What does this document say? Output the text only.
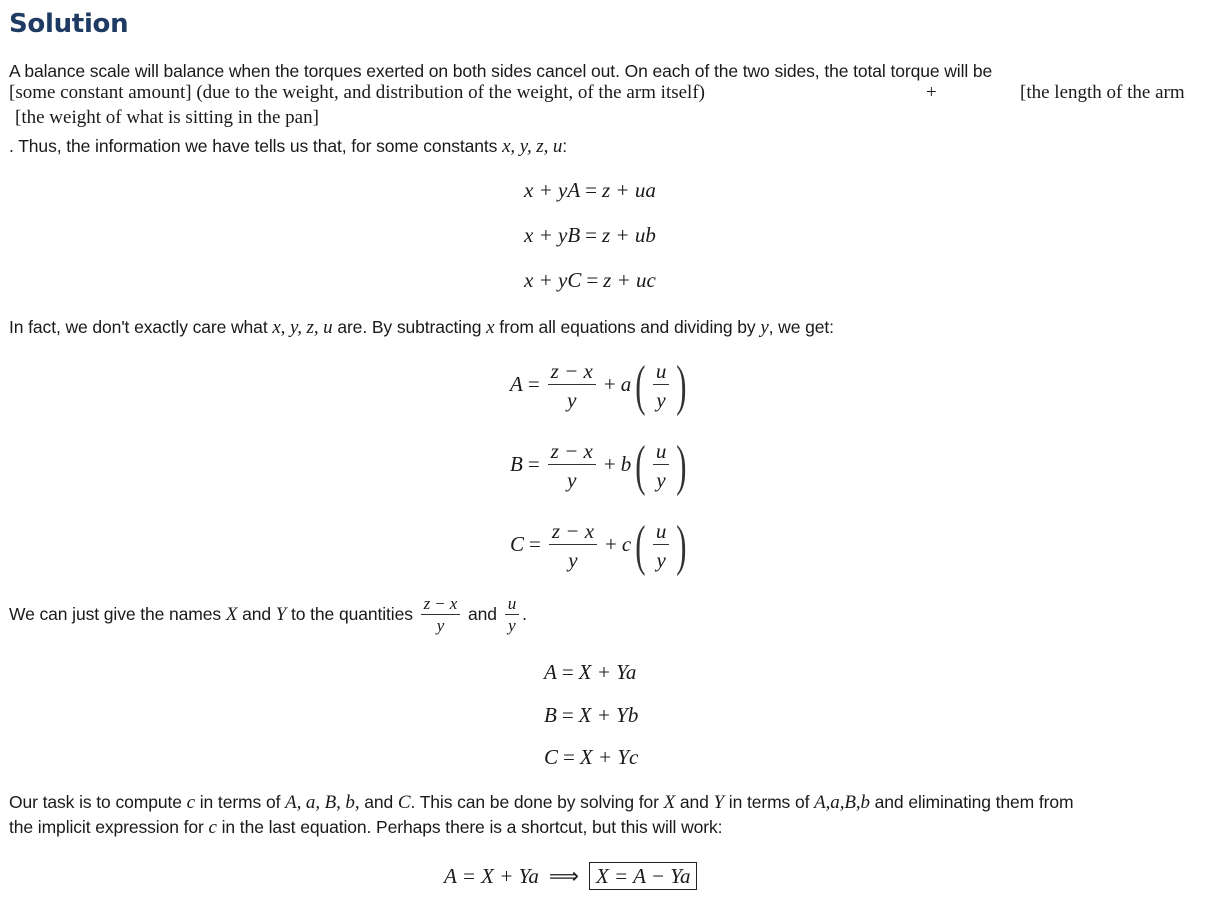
Solution
A balance scale will balance when the torques exerted on both sides cancel out. On each of the two sides, the total torque will be
[some constant amount] (due to the weight, and distribution of the weight, of the arm itself)	+	[the length of the arm
[the weight of what is sitting in the pan]
. Thus, the information we have tells us that, for some constants x, y, z, u:
x + yA = z + ua
x + yB = z + ub
x + yC = z + uc
In fact, we don't exactly care what x, y, z, u are. By subtracting x from all equations and dividing by y, we get:
$A = \frac{z - x}{y} + a( \frac{u}{y}$ )
$B = \frac{z - x}{y} + b( \frac{u}{y}$ )
$C = \frac{z - x}{y} + c( \frac{u}{y}$ )
We can just give the names X and Y to the quantities $\frac{z - x}{y}$ and $\frac{u}{y}$ .
A = X + Ya
B = X + Yb
C = X + Yc
Our task is to compute c in terms of A, a, B, b, and C. This can be done by solving for X and Y in terms of A,a,B,b and eliminating them from
the implicit expression for c in the last equation. Perhaps there is a shortcut, but this will work:
A = X + Ya ⟹ X = A − Ya
